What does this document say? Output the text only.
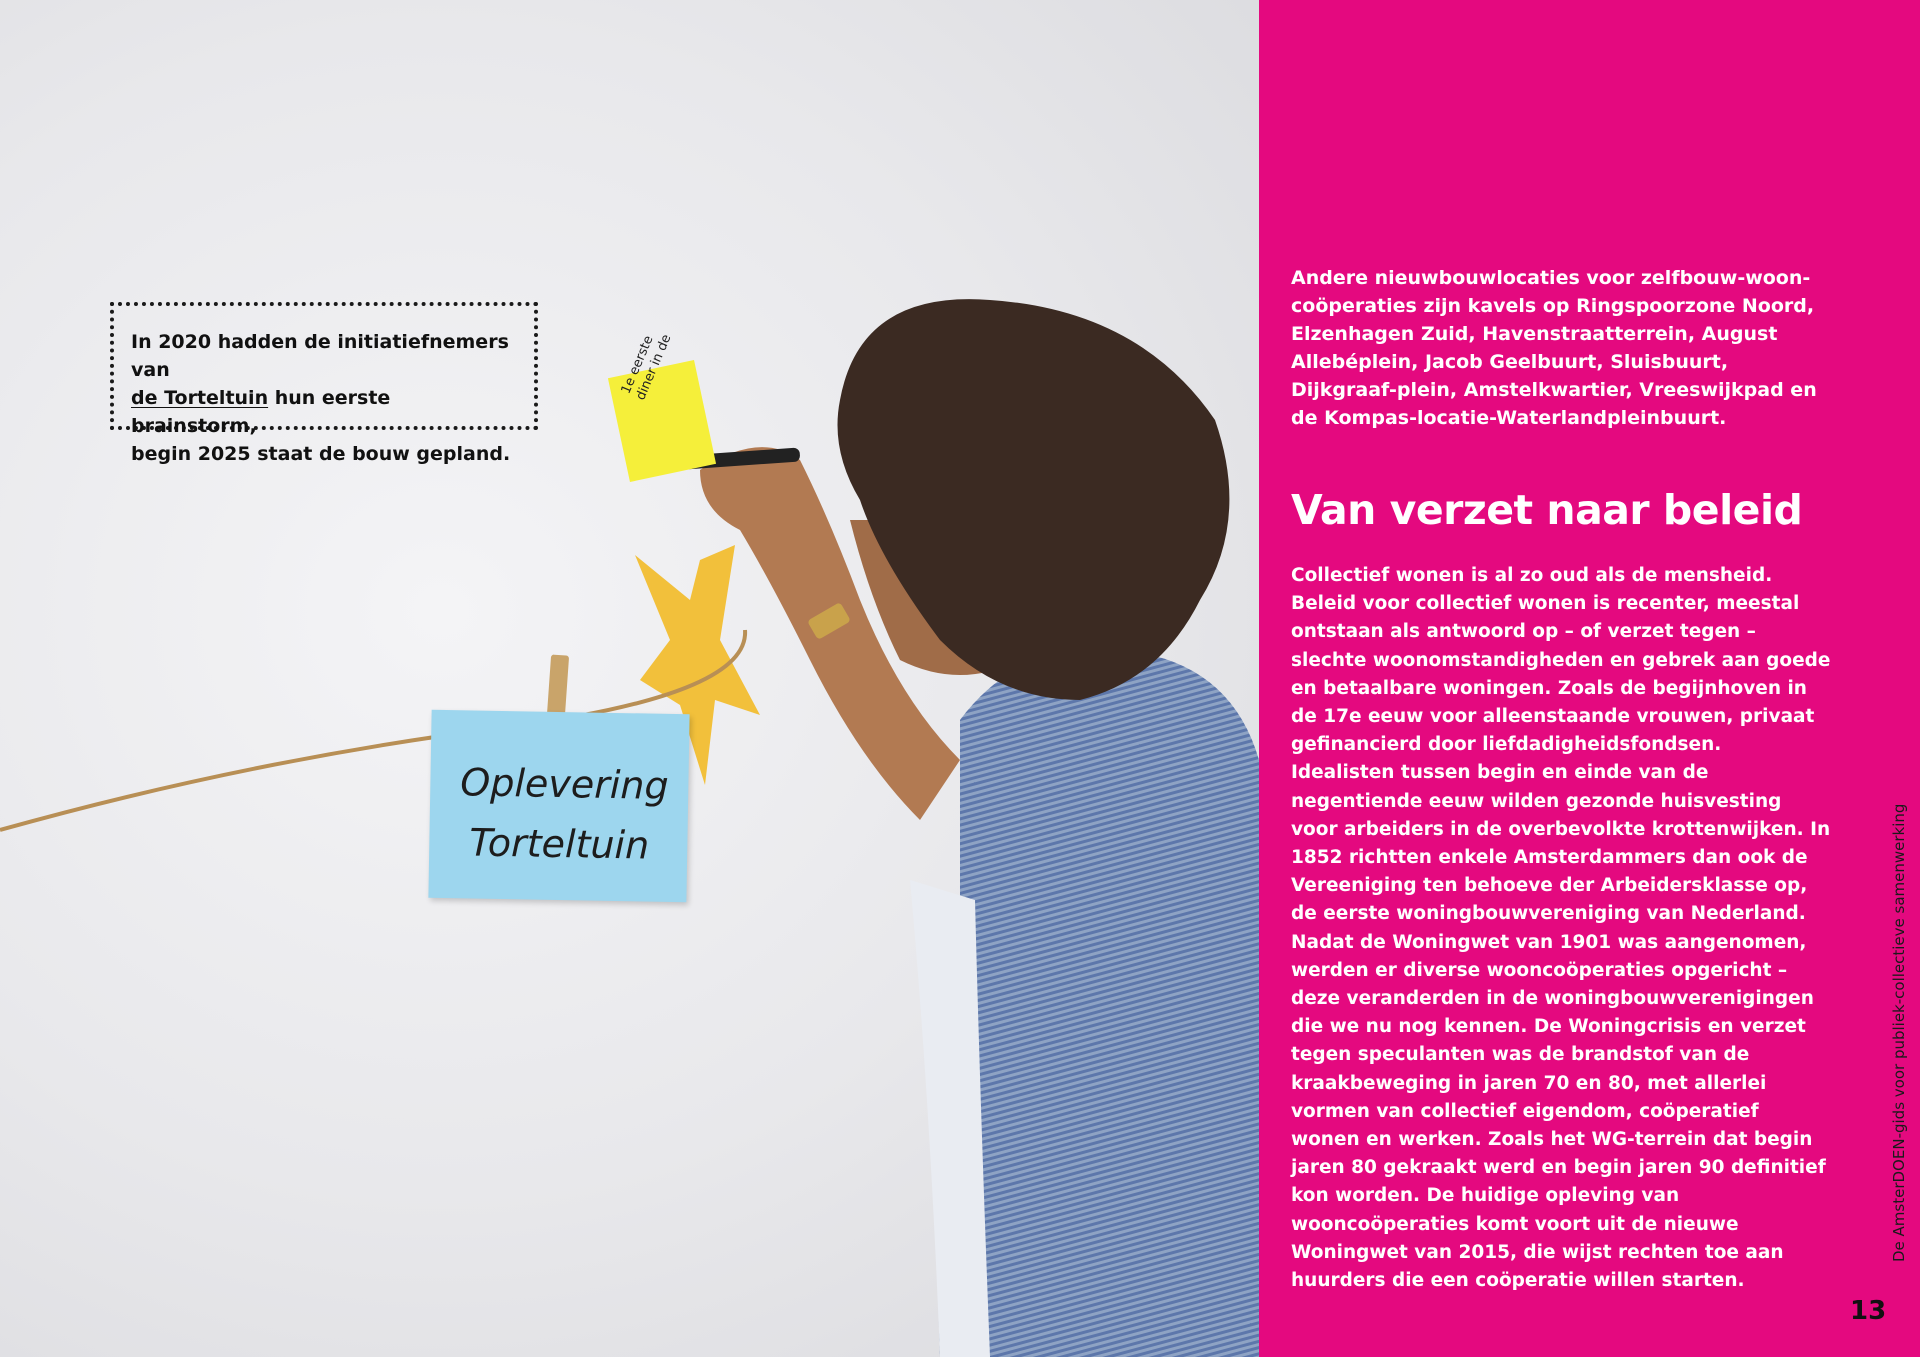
1e eerste diner in de
Oplevering
Torteltuin

In 2020 hadden de initiatiefnemers van
de Torteltuin hun eerste brainstorm,
begin 2025 staat de bouw gepland.

Andere nieuwbouwlocaties voor zelfbouw-woon-coöperaties zijn kavels op Ringspoorzone Noord, Elzenhagen Zuid, Havenstraatterrein, August Allebéplein, Jacob Geelbuurt, Sluisbuurt, Dijkgraaf-plein, Amstelkwartier, Vreeswijkpad en de Kompas-locatie-Waterlandpleinbuurt.

Van verzet naar beleid

Collectief wonen is al zo oud als de mensheid. Beleid voor collectief wonen is recenter, meestal ontstaan als antwoord op – of verzet tegen – slechte woonomstandigheden en gebrek aan goede en betaalbare woningen. Zoals de begijnhoven in de 17e eeuw voor alleenstaande vrouwen, privaat gefinancierd door liefdadigheidsfondsen. Idealisten tussen begin en einde van de negentiende eeuw wilden gezonde huisvesting voor arbeiders in de overbevolkte krottenwijken. In 1852 richtten enkele Amsterdammers dan ook de Vereeniging ten behoeve der Arbeidersklasse op, de eerste woningbouwvereniging van Nederland. Nadat de Woningwet van 1901 was aangenomen, werden er diverse wooncoöperaties opgericht – deze veranderden in de woningbouwverenigingen die we nu nog kennen. De Woningcrisis en verzet tegen speculanten was de brandstof van de kraakbeweging in jaren 70 en 80, met allerlei vormen van collectief eigendom, coöperatief wonen en werken. Zoals het WG-terrein dat begin jaren 80 gekraakt werd en begin jaren 90 definitief kon worden. De huidige opleving van wooncoöperaties komt voort uit de nieuwe Woningwet van 2015, die wijst rechten toe aan huurders die een coöperatie willen starten.

De AmsterDOEN-gids voor publiek-collectieve samenwerking
13
